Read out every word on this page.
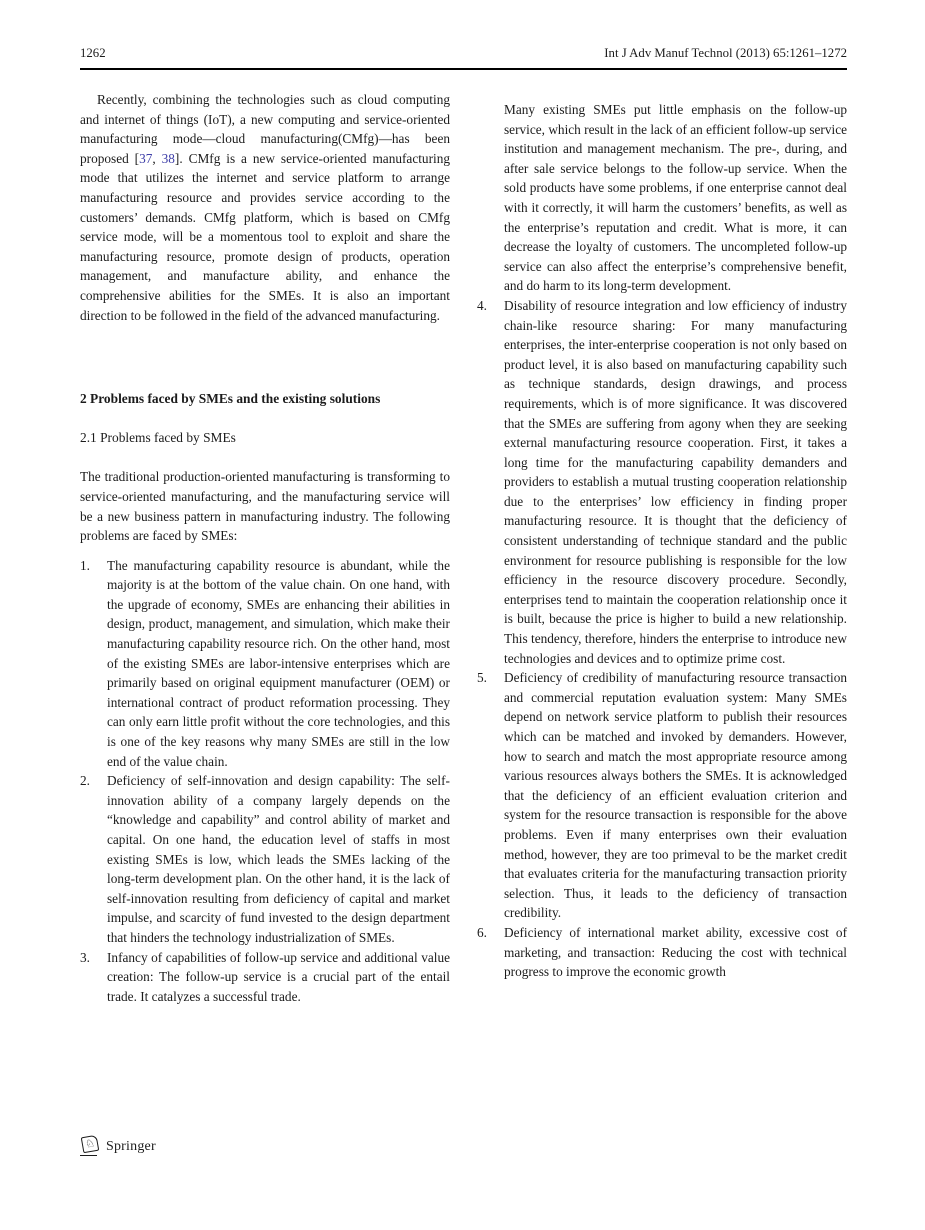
1262	Int J Adv Manuf Technol (2013) 65:1261–1272

Recently, combining the technologies such as cloud computing and internet of things (IoT), a new computing and service-oriented manufacturing mode—cloud manufacturing(CMfg)—has been proposed [37, 38]. CMfg is a new service-oriented manufacturing mode that utilizes the internet and service platform to arrange manufacturing resource and provides service according to the customers’ demands. CMfg platform, which is based on CMfg service mode, will be a momentous tool to exploit and share the manufacturing resource, promote design of products, operation management, and manufacture ability, and enhance the comprehensive abilities for the SMEs. It is also an important direction to be followed in the field of the advanced manufacturing.

2 Problems faced by SMEs and the existing solutions
2.1 Problems faced by SMEs

The traditional production-oriented manufacturing is transforming to service-oriented manufacturing, and the manufacturing service will be a new business pattern in manufacturing industry. The following problems are faced by SMEs:

1.	The manufacturing capability resource is abundant, while the majority is at the bottom of the value chain. On one hand, with the upgrade of economy, SMEs are enhancing their abilities in design, product, management, and simulation, which make their manufacturing capability resource rich. On the other hand, most of the existing SMEs are labor-intensive enterprises which are primarily based on original equipment manufacturer (OEM) or international contract of product reformation processing. They can only earn little profit without the core technologies, and this is one of the key reasons why many SMEs are still in the low end of the value chain.
2.	Deficiency of self-innovation and design capability: The self-innovation ability of a company largely depends on the “knowledge and capability” and control ability of market and capital. On one hand, the education level of staffs in most existing SMEs is low, which leads the SMEs lacking of the long-term development plan. On the other hand, it is the lack of self-innovation resulting from deficiency of capital and market impulse, and scarcity of fund invested to the design department that hinders the technology industrialization of SMEs.
3.	Infancy of capabilities of follow-up service and additional value creation: The follow-up service is a crucial part of the entail trade. It catalyzes a successful trade.
Many existing SMEs put little emphasis on the follow-up service, which result in the lack of an efficient follow-up service institution and management mechanism. The pre-, during, and after sale service belongs to the follow-up service. When the sold products have some problems, if one enterprise cannot deal with it correctly, it will harm the customers’ benefits, as well as the enterprise’s reputation and credit. What is more, it can decrease the loyalty of customers. The uncompleted follow-up service can also affect the enterprise’s comprehensive benefit, and do harm to its long-term development.
4.	Disability of resource integration and low efficiency of industry chain-like resource sharing: For many manufacturing enterprises, the inter-enterprise cooperation is not only based on product level, it is also based on manufacturing capability such as technique standards, design drawings, and process requirements, which is of more significance. It was discovered that the SMEs are suffering from agony when they are seeking external manufacturing resource cooperation. First, it takes a long time for the manufacturing capability demanders and providers to establish a mutual trusting cooperation relationship due to the enterprises’ low efficiency in finding proper manufacturing resource. It is thought that the deficiency of consistent understanding of technique standard and the public environment for resource publishing is responsible for the low efficiency in the resource discovery procedure. Secondly, enterprises tend to maintain the cooperation relationship once it is built, because the price is higher to build a new relationship. This tendency, therefore, hinders the enterprise to introduce new technologies and devices and to optimize prime cost.
5.	Deficiency of credibility of manufacturing resource transaction and commercial reputation evaluation system: Many SMEs depend on network service platform to publish their resources which can be matched and invoked by demanders. However, how to search and match the most appropriate resource among various resources always bothers the SMEs. It is acknowledged that the deficiency of an efficient evaluation criterion and system for the resource transaction is responsible for the above problems. Even if many enterprises own their evaluation method, however, they are too primeval to be the market credit that evaluates criteria for the manufacturing transaction priority selection. Thus, it leads to the deficiency of transaction credibility.
6.	Deficiency of international market ability, excessive cost of marketing, and transaction: Reducing the cost with technical progress to improve the economic growth
♘ Springer
